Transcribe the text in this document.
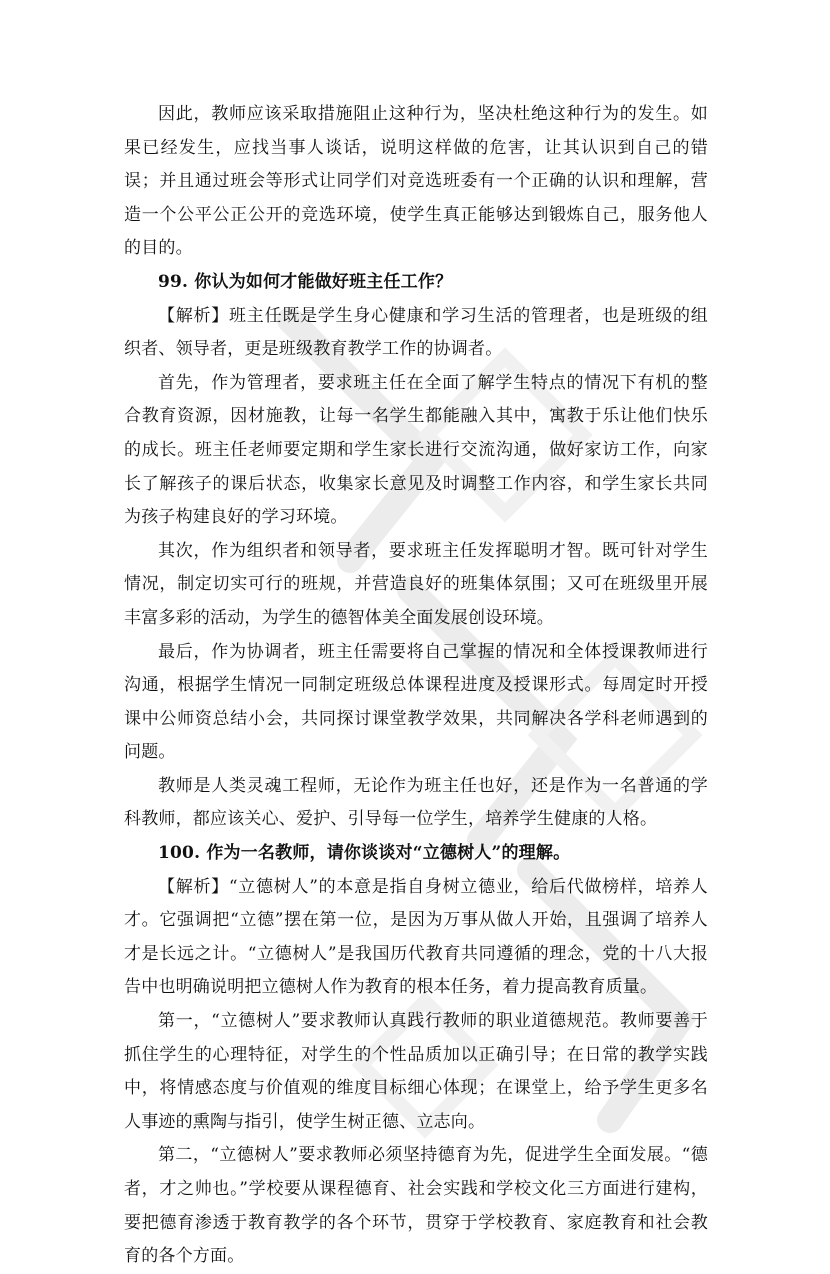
因此，教师应该采取措施阻止这种行为，坚决杜绝这种行为的发生。如果已经发生，应找当事人谈话，说明这样做的危害，让其认识到自己的错误；并且通过班会等形式让同学们对竞选班委有一个正确的认识和理解，营造一个公平公正公开的竞选环境，使学生真正能够达到锻炼自己，服务他人的目的。

99. 你认为如何才能做好班主任工作？

【解析】班主任既是学生身心健康和学习生活的管理者，也是班级的组织者、领导者，更是班级教育教学工作的协调者。

首先，作为管理者，要求班主任在全面了解学生特点的情况下有机的整合教育资源，因材施教，让每一名学生都能融入其中，寓教于乐让他们快乐的成长。班主任老师要定期和学生家长进行交流沟通，做好家访工作，向家长了解孩子的课后状态，收集家长意见及时调整工作内容，和学生家长共同为孩子构建良好的学习环境。

其次，作为组织者和领导者，要求班主任发挥聪明才智。既可针对学生情况，制定切实可行的班规，并营造良好的班集体氛围；又可在班级里开展丰富多彩的活动，为学生的德智体美全面发展创设环境。

最后，作为协调者，班主任需要将自己掌握的情况和全体授课教师进行沟通，根据学生情况一同制定班级总体课程进度及授课形式。每周定时开授课中公师资总结小会，共同探讨课堂教学效果，共同解决各学科老师遇到的问题。

教师是人类灵魂工程师，无论作为班主任也好，还是作为一名普通的学科教师，都应该关心、爱护、引导每一位学生，培养学生健康的人格。

100. 作为一名教师，请你谈谈对“立德树人”的理解。

【解析】“立德树人”的本意是指自身树立德业，给后代做榜样，培养人才。它强调把“立德”摆在第一位，是因为万事从做人开始，且强调了培养人才是长远之计。“立德树人”是我国历代教育共同遵循的理念，党的十八大报告中也明确说明把立德树人作为教育的根本任务，着力提高教育质量。

第一，“立德树人”要求教师认真践行教师的职业道德规范。教师要善于抓住学生的心理特征，对学生的个性品质加以正确引导；在日常的教学实践中，将情感态度与价值观的维度目标细心体现；在课堂上，给予学生更多名人事迹的熏陶与指引，使学生树正德、立志向。

第二，“立德树人”要求教师必须坚持德育为先，促进学生全面发展。“德者，才之帅也。”学校要从课程德育、社会实践和学校文化三方面进行建构，要把德育渗透于教育教学的各个环节，贯穿于学校教育、家庭教育和社会教育的各个方面。
